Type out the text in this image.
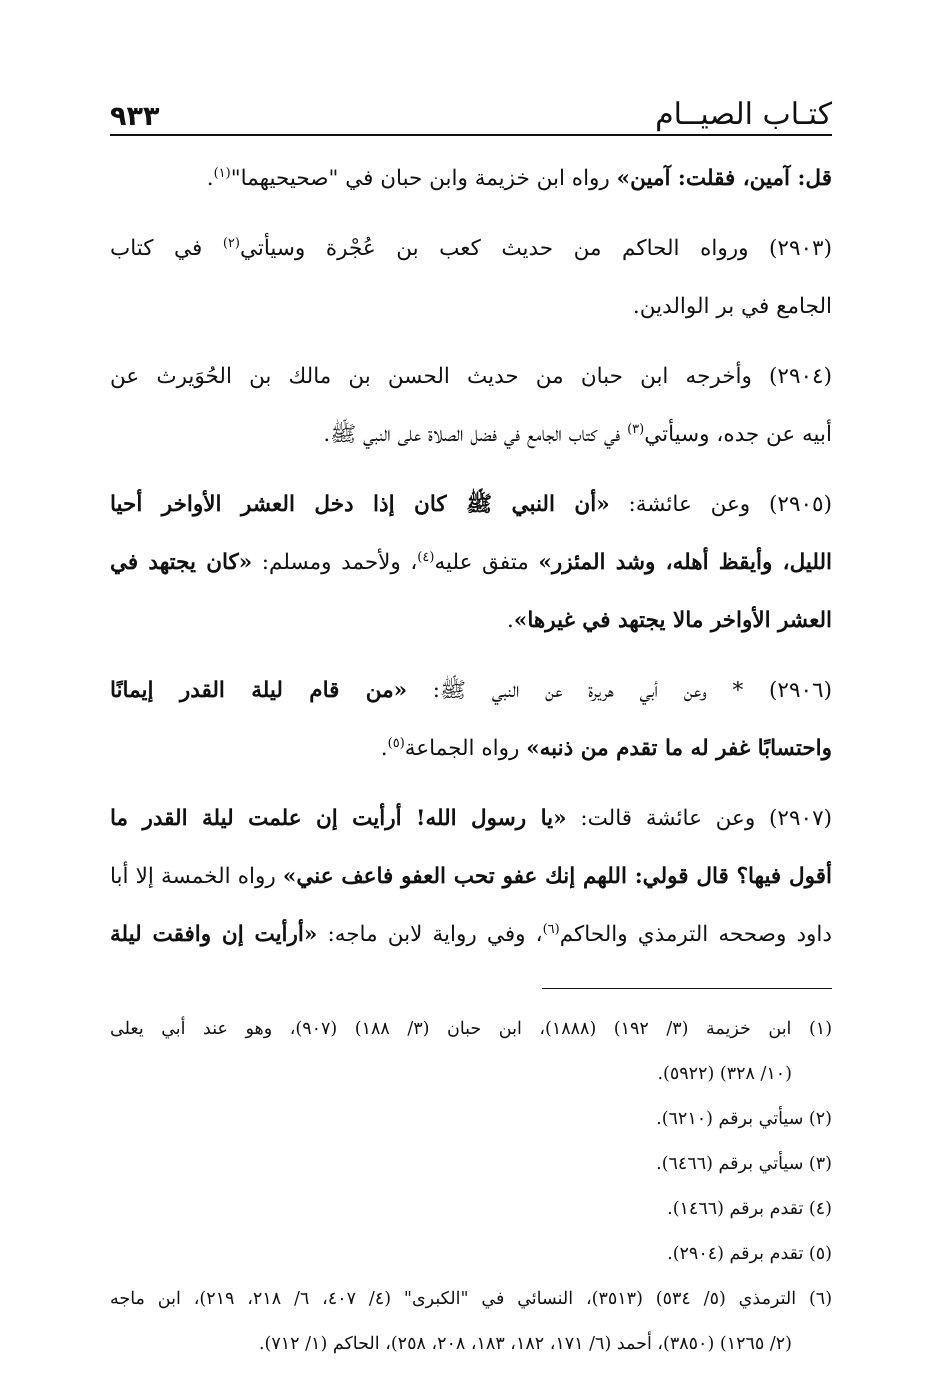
كتـاب الصيــام
٩٣٣
قل: آمين، فقلت: آمين» رواه ابن خزيمة وابن حبان في "صحيحيهما"$^{(١)}$.
(٢٩٠٣) ورواه الحاكم من حديث كعب بن عُجْرة وسيأتي$^{(٢)}$ في كتاب
الجامع في بر الوالدين.
(٢٩٠٤) وأخرجه ابن حبان من حديث الحسن بن مالك بن الحُوَيرث عن
أبيه عن جده، وسيأتي$^{(٣)}$ في كتاب الجامع في فضل الصلاة على النبي ﷺ.
(٢٩٠٥) وعن عائشة: «أن النبي ﷺ كان إذا دخل العشر الأواخر أحيا
الليل، وأيقظ أهله، وشد المئزر» متفق عليه$^{(٤)}$، ولأحمد ومسلم: «كان يجتهد في
العشر الأواخر مالا يجتهد في غيرها».
(٢٩٠٦) * وعن أبي هريرة عن النبي ﷺ: «من قام ليلة القدر إيمانًا
واحتسابًا غفر له ما تقدم من ذنبه» رواه الجماعة$^{(٥)}$.
(٢٩٠٧) وعن عائشة قالت: «يا رسول الله! أرأيت إن علمت ليلة القدر ما
أقول فيها؟ قال قولي: اللهم إنك عفو تحب العفو فاعف عني» رواه الخمسة إلا أبا
داود وصححه الترمذي والحاكم$^{(٦)}$، وفي رواية لابن ماجه: «أرأيت إن وافقت ليلة
(١) ابن خزيمة (٣/ ١٩٢) (١٨٨٨)، ابن حبان (٣/ ١٨٨) (٩٠٧)، وهو عند أبي يعلى
(١٠/ ٣٢٨) (٥٩٢٢).
(٢) سيأتي برقم (٦٢١٠).
(٣) سيأتي برقم (٦٤٦٦).
(٤) تقدم برقم (١٤٦٦).
(٥) تقدم برقم (٢٩٠٤).
(٦) الترمذي (٥/ ٥٣٤) (٣٥١٣)، النسائي في "الكبرى" (٤/ ٤٠٧، ٦/ ٢١٨، ٢١٩)، ابن ماجه
(٢/ ١٢٦٥) (٣٨٥٠)، أحمد (٦/ ١٧١، ١٨٢، ١٨٣، ٢٠٨، ٢٥٨)، الحاكم (١/ ٧١٢).
